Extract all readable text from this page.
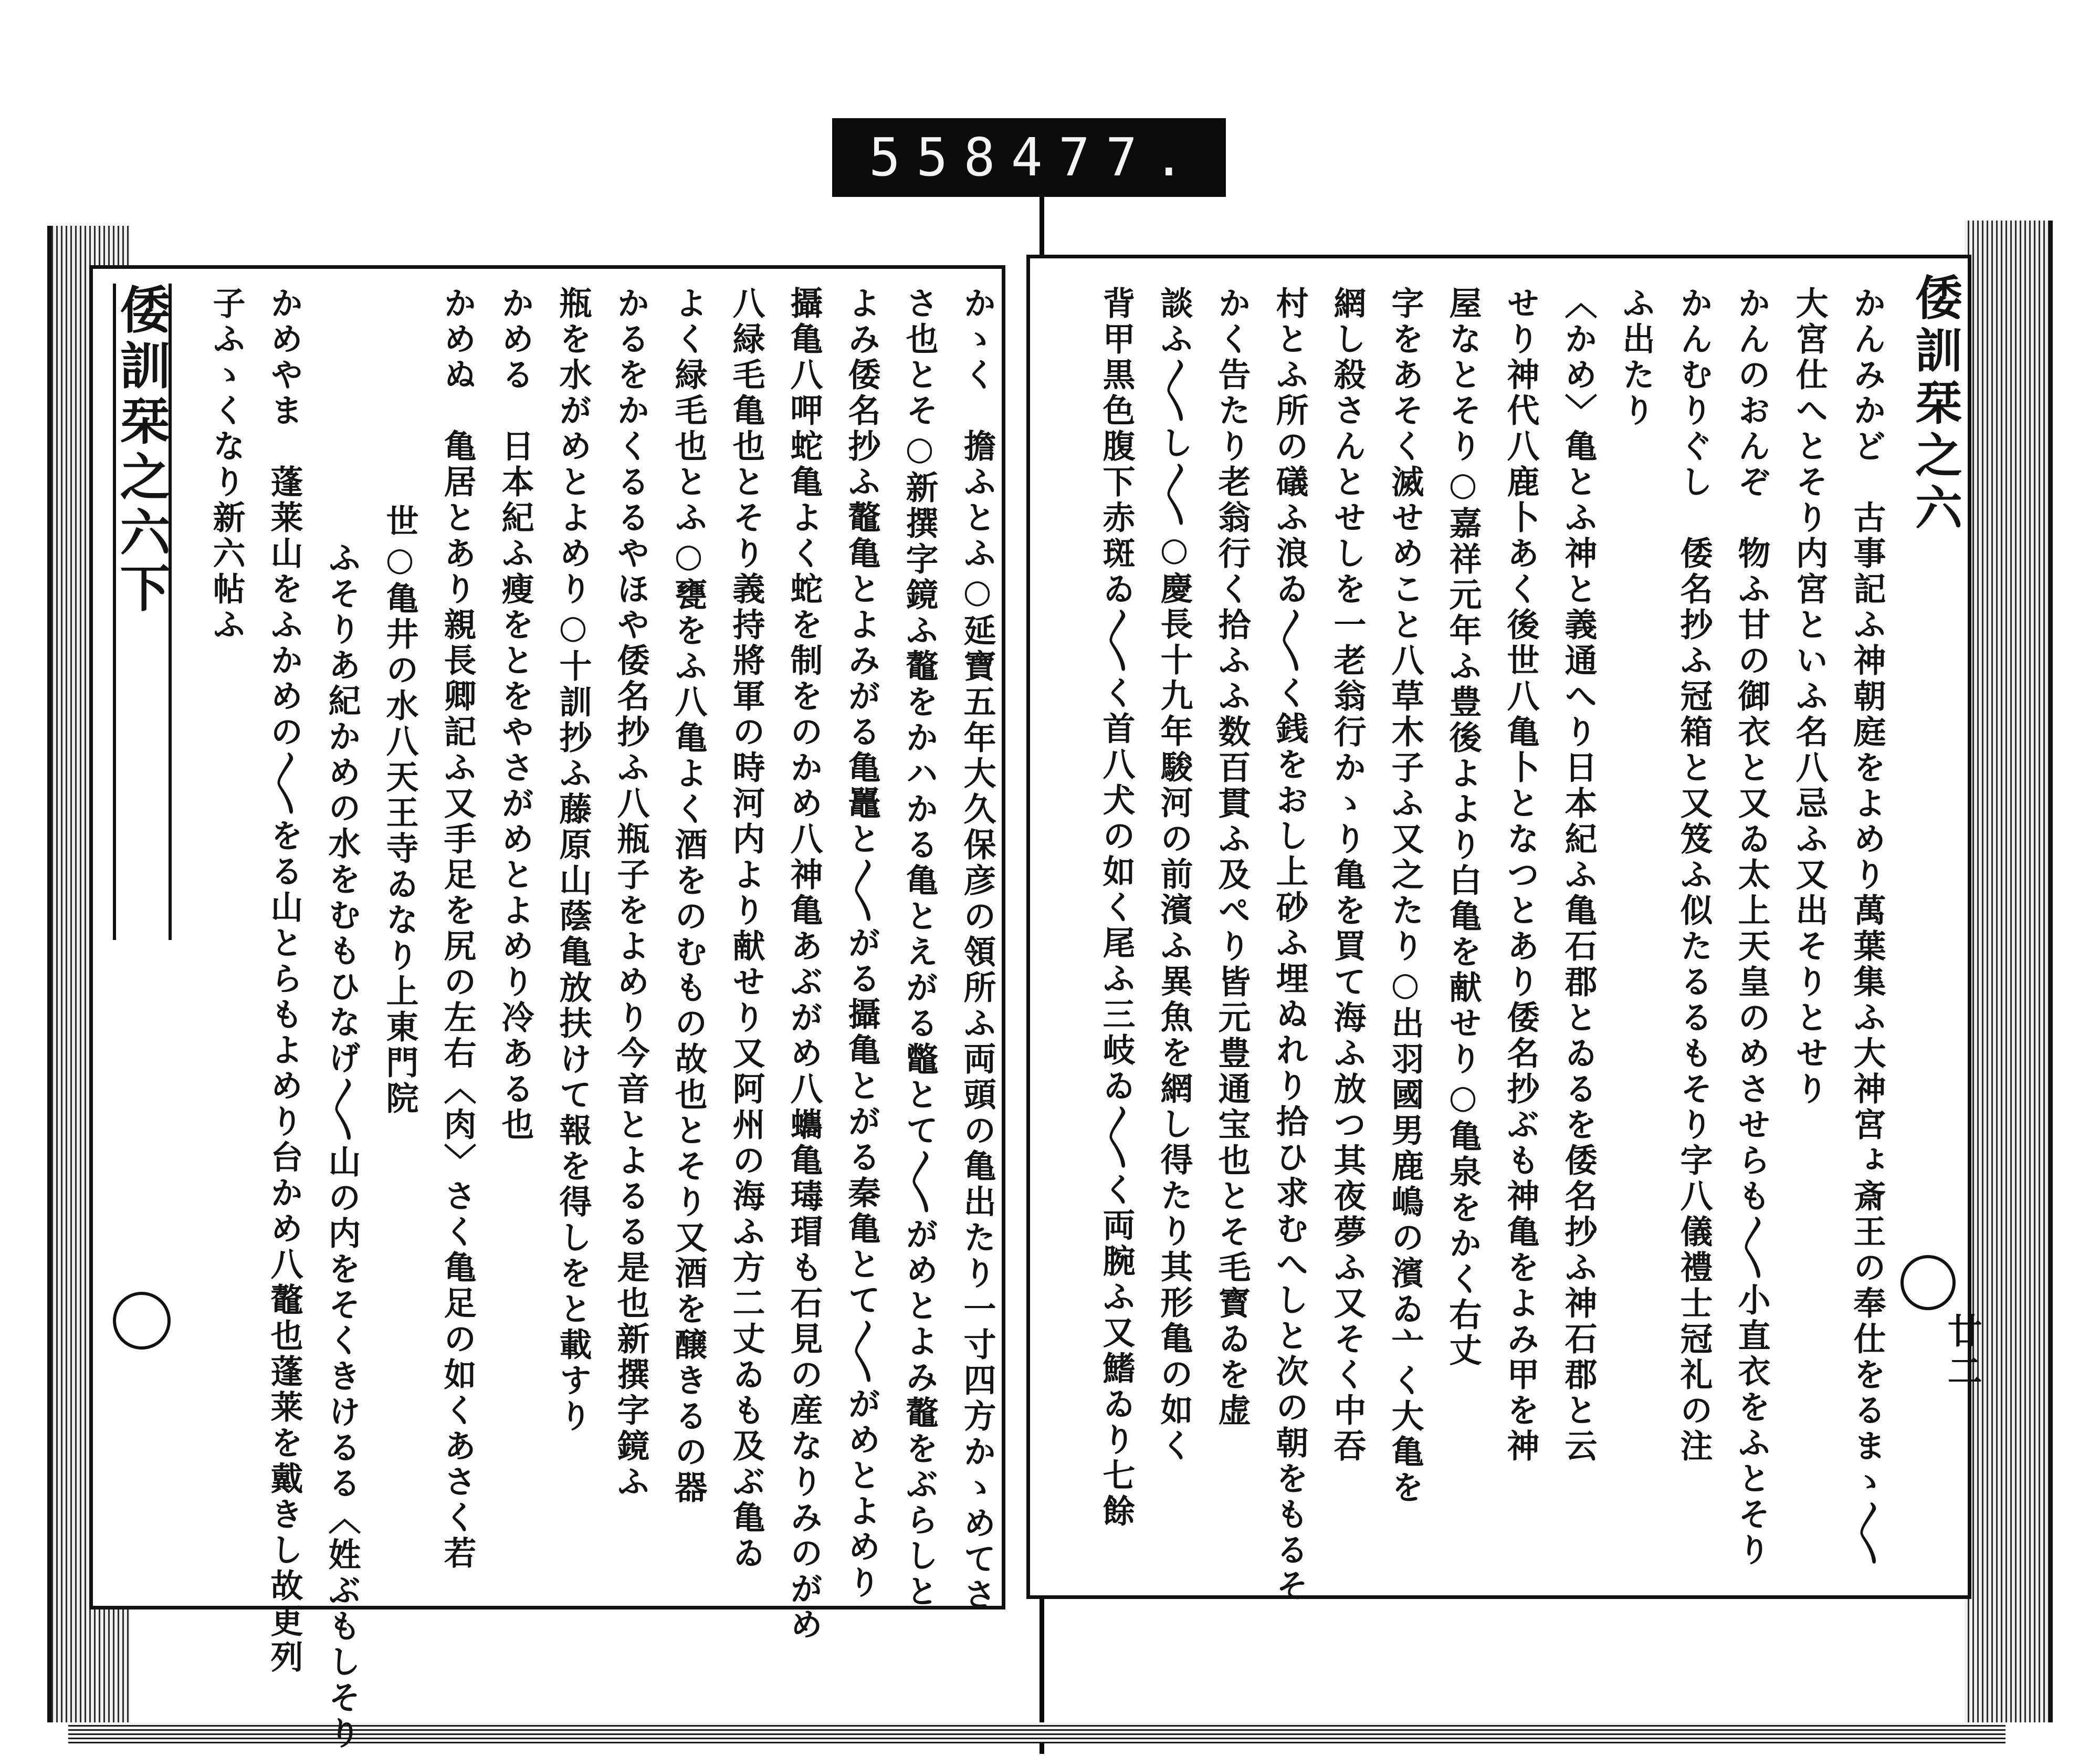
558 477.
倭訓栞之六下	かゝく　擔ふとふ○延寶五年大久保彦の領所ふ両頭の亀出たり一寸四方かゝめてさ
さ也とそ○新撰字鏡ふ鼇をかハかる亀とえがる鼈とて〳〵がめとよみ鼇をぶらしと
よみ倭名抄ふ鼇亀とよみがる亀鼉と〳〵がる攝亀とがる秦亀とて〳〵がめとよめり
攝亀八呷蛇亀よく蛇を制をのかめ八神亀あぶがめ八蠵亀瑇瑁も石見の産なりみのがめ
八緑毛亀也とそり義持將軍の時河内より献せり又阿州の海ふ方二丈ゐも及ぶ亀ゐ
よく緑毛也とふ○甕をふ八亀よく酒をのむもの故也とそり又酒を醸きるの器
かるをかくるるやほや倭名抄ふ八瓶子をよめり今音とよるる是也新撰字鏡ふ
瓶を水がめとよめり○十訓抄ふ藤原山蔭亀放扶けて報を得しをと載すり
かめる　日本紀ふ瘦をとをやさがめとよめり冷ある也
かめぬ　亀居とあり親長卿記ふ又手足を尻の左右〈肉〉さく亀足の如くあさく若
世○亀井の水八天王寺ゐなり上東門院
ふそりあ紀かめの水をむもひなげ〳〵山の内をそくきけるる〈姓ぶもしそり
かめやま　蓬莱山をふかめの〳〵をる山とらもよめり台かめ八鼇也蓬莱を戴きし故更列
子ふゝくなり新六帖ふ	倭訓栞之六
廿二
かんみかど　古事記ふ神朝庭をよめり萬葉集ふ大神宮ょ斎王の奉仕をるまゝ〳〵
大宮仕へとそり内宮といふ名八忌ふ又出そりとせり
かんのおんぞ　物ふ甘の御衣と又ゐ太上天皇のめさせらも〳〵小直衣をふとそり
かんむりぐし　倭名抄ふ冠箱と又笈ふ似たるるもそり字八儀禮士冠礼の注
ふ出たり
〈かめ〉亀とふ神と義通へり日本紀ふ亀石郡とゐるを倭名抄ふ神石郡と云
せり神代八鹿卜あく後世八亀卜となつとあり倭名抄ぶも神亀をよみ甲を神
屋なとそり○嘉祥元年ふ豊後よより白亀を献せり○亀泉をかく右丈
字をあそく滅せめこと八草木子ふ又之たり○出羽國男鹿嶋の濱ゐ亠く大亀を
網し殺さんとせしを一老翁行かゝり亀を買て海ふ放つ其夜夢ふ又そく中吞
村とふ所の礒ふ浪ゐ〳〵く銭をおし上砂ふ埋ぬれり拾ひ求むへしと次の朝をもるそ
かく告たり老翁行く拾ふふ数百貫ふ及ぺり皆元豊通宝也とそ毛寳ゐを虚
談ふ〳〵し〳〵○慶長十九年駿河の前濱ふ異魚を網し得たり其形亀の如く
背甲黒色腹下赤斑ゐ〳〵く首八犬の如く尾ふ三岐ゐ〳〵く両腕ふ又鰭ゐり七餘
